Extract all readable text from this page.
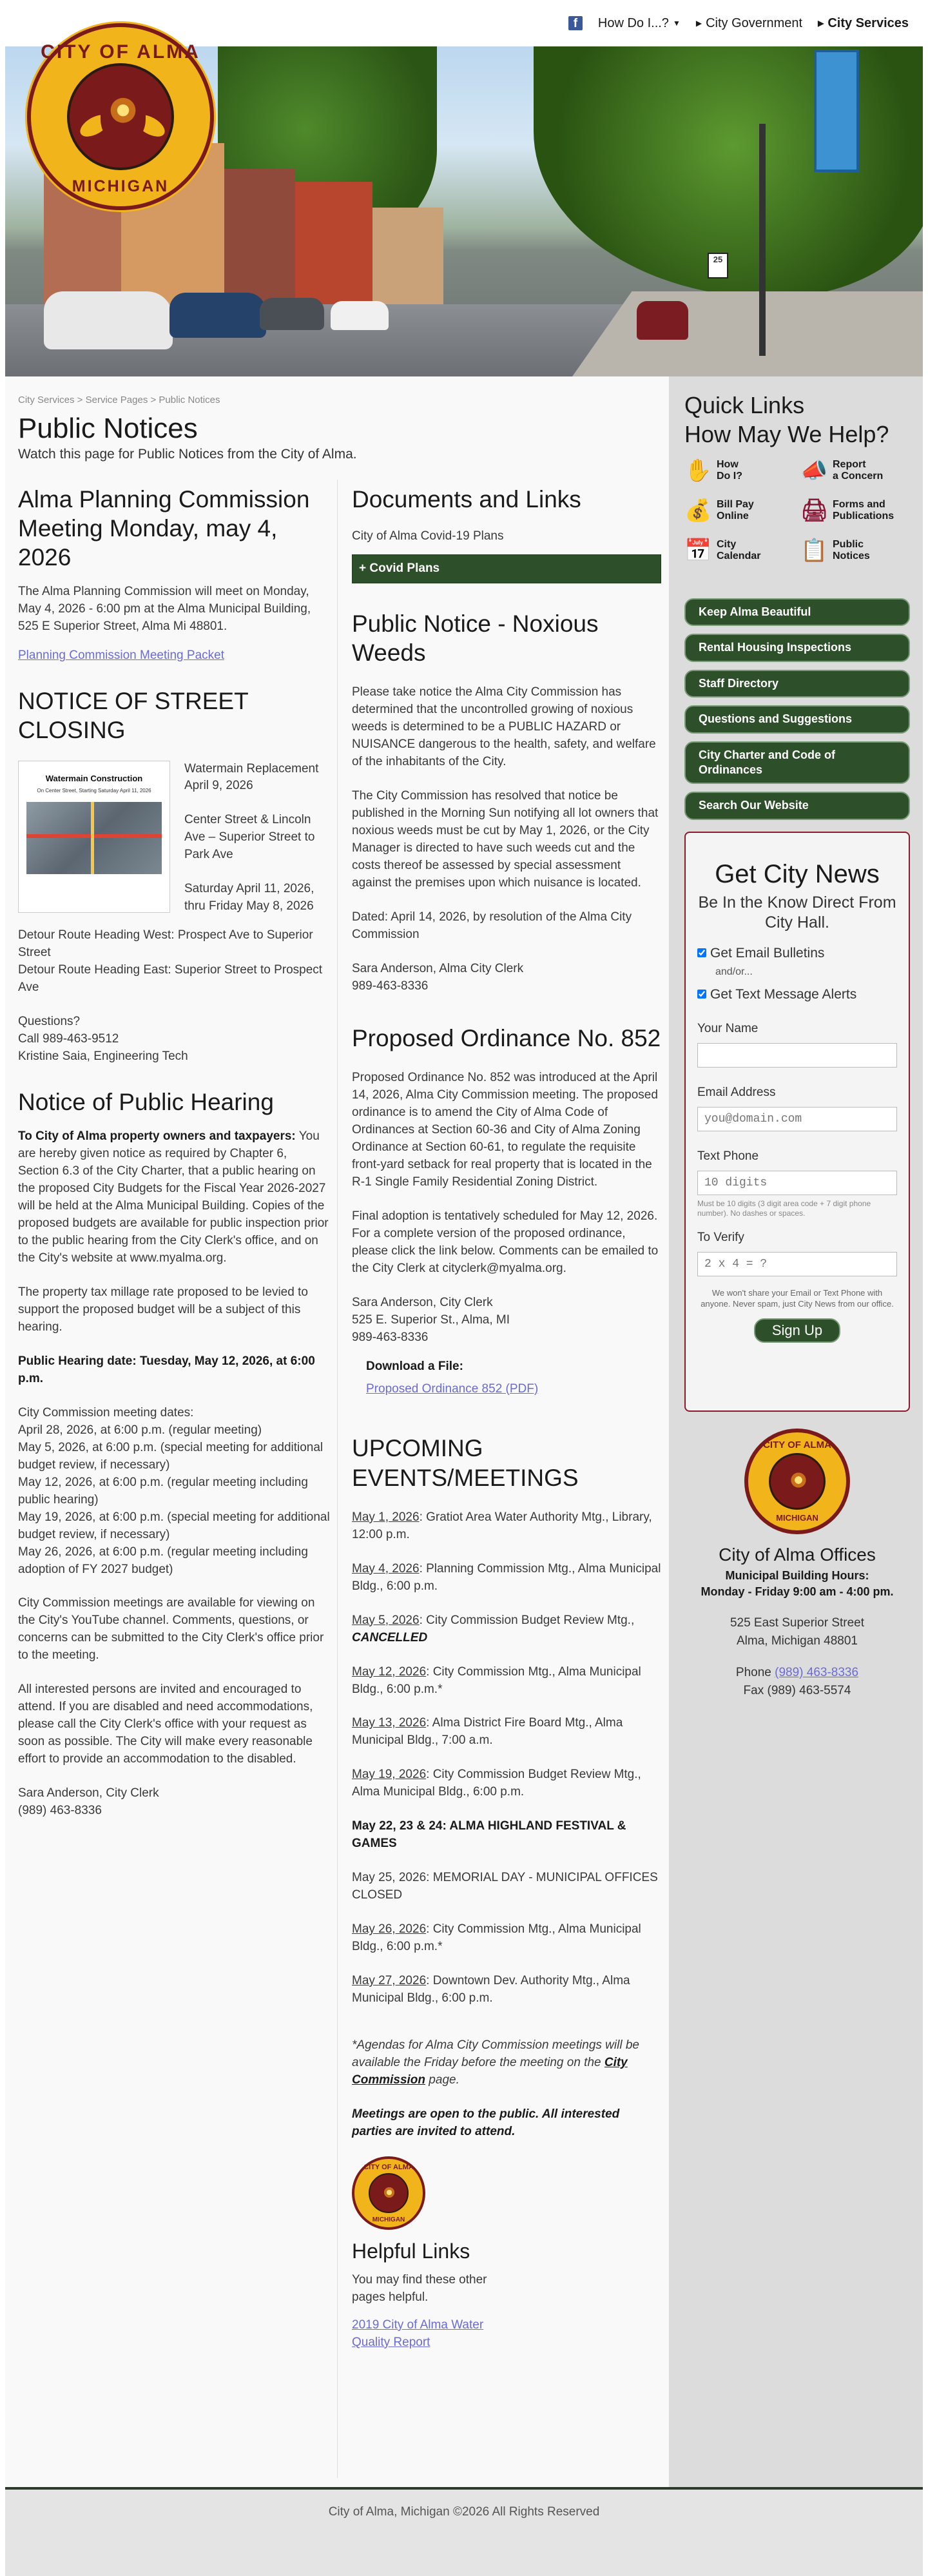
f	How Do I...? ▼ ▶ City Government ▶ City Services
25
CITY OF ALMA
MICHIGAN
City Services > Service Pages > Public Notices
Public Notices
Watch this page for Public Notices from the City of Alma.
Alma Planning Commission Meeting Monday, may 4, 2026

The Alma Planning Commission will meet on Monday, May 4, 2026 - 6:00 pm at the Alma Municipal Building, 525 E Superior Street, Alma Mi 48801.

Planning Commission Meeting Packet

NOTICE OF STREET CLOSING
Watermain Construction
On Center Street, Starting Saturday April 11, 2026
Watermain Replacement
April 9, 2026
Center Street & Lincoln Ave – Superior Street to Park Ave
Saturday April 11, 2026, thru Friday May 8, 2026

Detour Route Heading West: Prospect Ave to Superior Street

Detour Route Heading East: Superior Street to Prospect Ave

Questions?

Call 989-463-9512

Kristine Saia, Engineering Tech

Notice of Public Hearing

To City of Alma property owners and taxpayers: You are hereby given notice as required by Chapter 6, Section 6.3 of the City Charter, that a public hearing on the proposed City Budgets for the Fiscal Year 2026-2027 will be held at the Alma Municipal Building. Copies of the proposed budgets are available for public inspection prior to the public hearing from the City Clerk's office, and on the City's website at www.myalma.org.

The property tax millage rate proposed to be levied to support the proposed budget will be a subject of this hearing.

Public Hearing date: Tuesday, May 12, 2026, at 6:00 p.m.

City Commission meeting dates:

April 28, 2026, at 6:00 p.m. (regular meeting)
May 5, 2026, at 6:00 p.m. (special meeting for additional budget review, if necessary)
May 12, 2026, at 6:00 p.m. (regular meeting including public hearing)
May 19, 2026, at 6:00 p.m. (special meeting for additional budget review, if necessary)
May 26, 2026, at 6:00 p.m. (regular meeting including adoption of FY 2027 budget)

City Commission meetings are available for viewing on the City's YouTube channel. Comments, questions, or concerns can be submitted to the City Clerk's office prior to the meeting.

All interested persons are invited and encouraged to attend. If you are disabled and need accommodations, please call the City Clerk's office with your request as soon as possible. The City will make every reasonable effort to provide an accommodation to the disabled.

Sara Anderson, City Clerk

(989) 463-8336

Documents and Links

City of Alma Covid-19 Plans

+ Covid Plans
Public Notice - Noxious Weeds

Please take notice the Alma City Commission has determined that the uncontrolled growing of noxious weeds is determined to be a PUBLIC HAZARD or NUISANCE dangerous to the health, safety, and welfare of the inhabitants of the City.

The City Commission has resolved that notice be published in the Morning Sun notifying all lot owners that noxious weeds must be cut by May 1, 2026, or the City Manager is directed to have such weeds cut and the costs thereof be assessed by special assessment against the premises upon which nuisance is located.

Dated: April 14, 2026, by resolution of the Alma City Commission

Sara Anderson, Alma City Clerk

989-463-8336

Proposed Ordinance No. 852

Proposed Ordinance No. 852 was introduced at the April 14, 2026, Alma City Commission meeting. The proposed ordinance is to amend the City of Alma Code of Ordinances at Section 60-36 and City of Alma Zoning Ordinance at Section 60-61, to regulate the requisite front-yard setback for real property that is located in the R-1 Single Family Residential Zoning District.

Final adoption is tentatively scheduled for May 12, 2026. For a complete version of the proposed ordinance, please click the link below. Comments can be emailed to the City Clerk at cityclerk@myalma.org.

Sara Anderson, City Clerk

525 E. Superior St., Alma, MI

989-463-8336

Download a File:

Proposed Ordinance 852 (PDF)

UPCOMING EVENTS/MEETINGS

May 1, 2026: Gratiot Area Water Authority Mtg., Library, 12:00 p.m.

May 4, 2026: Planning Commission Mtg., Alma Municipal Bldg., 6:00 p.m.

May 5, 2026: City Commission Budget Review Mtg., CANCELLED

May 12, 2026: City Commission Mtg., Alma Municipal Bldg., 6:00 p.m.*

May 13, 2026: Alma District Fire Board Mtg., Alma Municipal Bldg., 7:00 a.m.

May 19, 2026: City Commission Budget Review Mtg., Alma Municipal Bldg., 6:00 p.m.

May 22, 23 & 24: ALMA HIGHLAND FESTIVAL & GAMES

May 25, 2026: MEMORIAL DAY - MUNICIPAL OFFICES CLOSED

May 26, 2026: City Commission Mtg., Alma Municipal Bldg., 6:00 p.m.*

May 27, 2026: Downtown Dev. Authority Mtg., Alma Municipal Bldg., 6:00 p.m.

*Agendas for Alma City Commission meetings will be available the Friday before the meeting on the City Commission page.

Meetings are open to the public. All interested parties are invited to attend.

CITY OF ALMA
MICHIGAN
Helpful Links

You may find these other pages helpful.

2019 City of Alma Water Quality Report

Quick Links
How May We Help?
✋ How
Do I?	📣 Report
a Concern
💰 Bill Pay
Online 🖨 Forms and
Publications
📅 City
Calendar 📋 Public
Notices
Keep Alma Beautiful
Rental Housing Inspections
Staff Directory
Questions and Suggestions
City Charter and Code of Ordinances
Search Our Website
Get City News
Be In the Know Direct From City Hall.
Get Email Bulletins
and/or...
Get Text Message Alerts
Your Name
Email Address
you@domain.com
Text Phone
10 digits
Must be 10 digits (3 digit area code + 7 digit phone number). No dashes or spaces.
To Verify
2 x 4 = ?
We won't share your Email or Text Phone with anyone. Never spam, just City News from our office.
Sign Up
CITY OF ALMA
MICHIGAN
City of Alma Offices
Municipal Building Hours:
Monday - Friday 9:00 am - 4:00 pm.
525 East Superior Street
Alma, Michigan 48801
Phone (989) 463-8336
Fax (989) 463-5574
City of Alma, Michigan ©2026 All Rights Reserved
